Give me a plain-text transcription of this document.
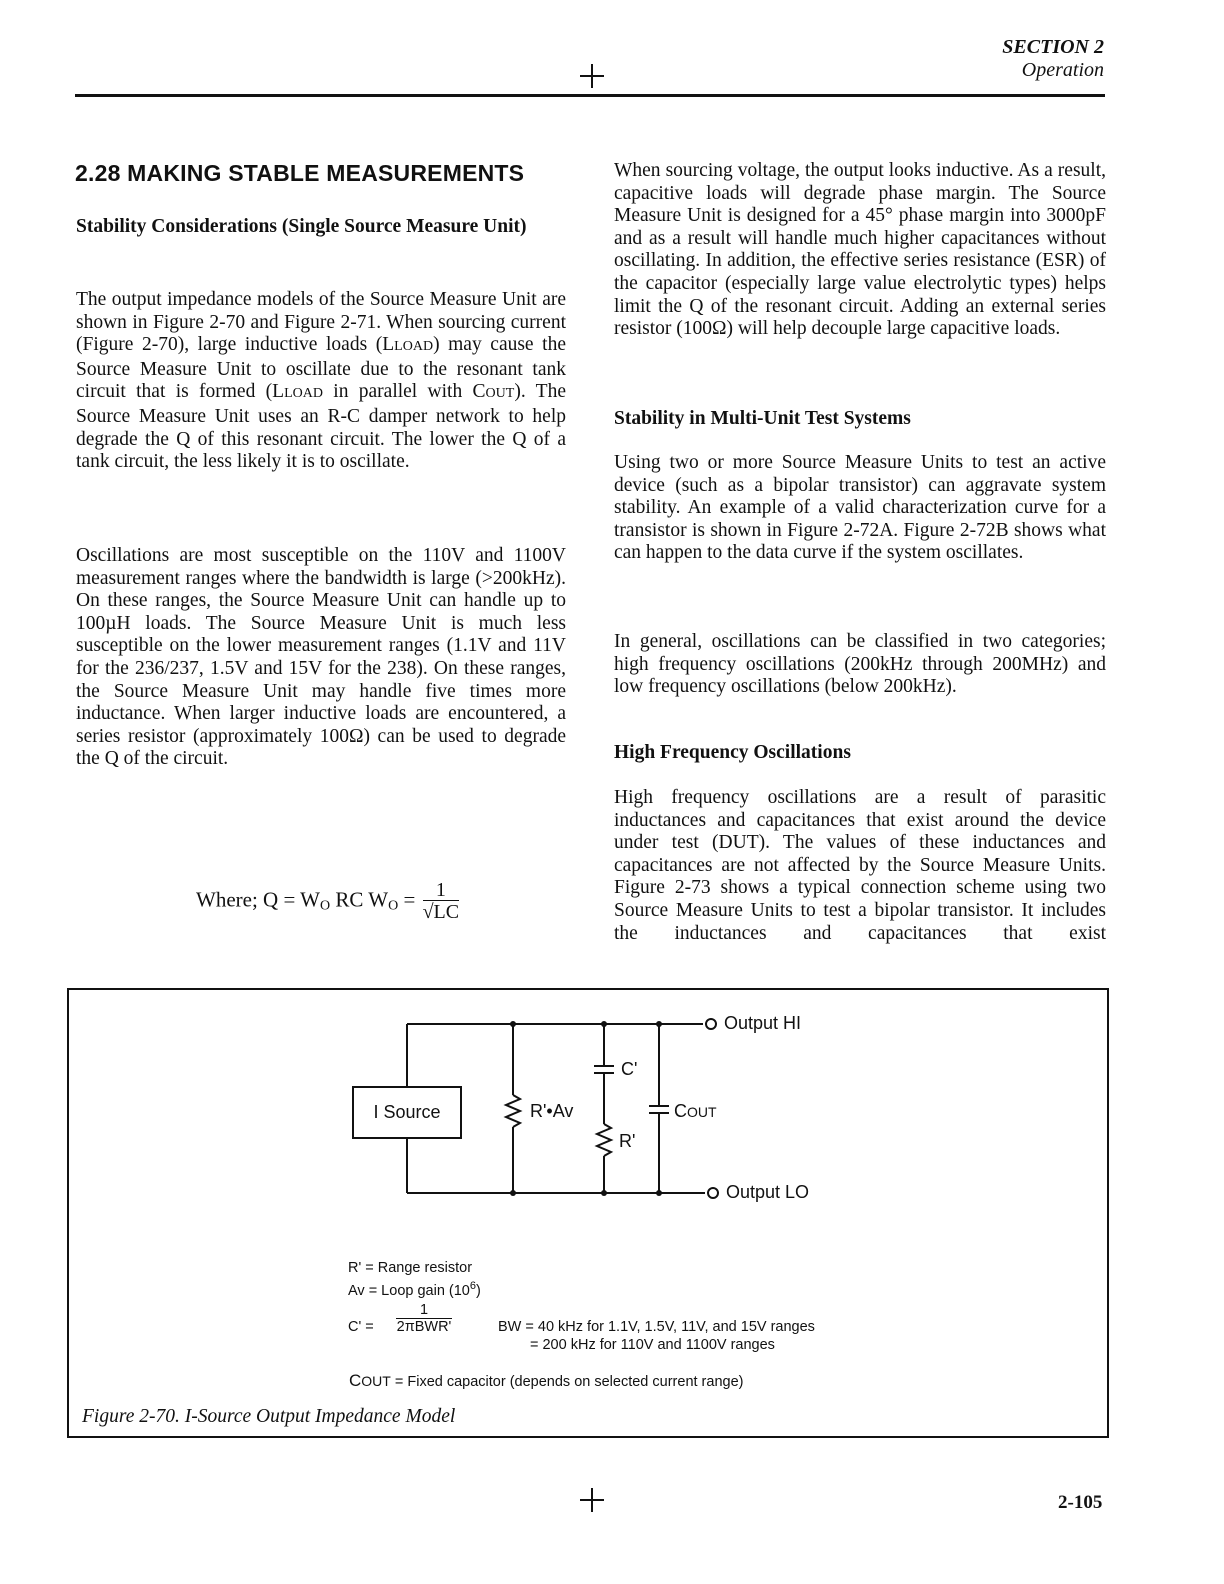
SECTION 2
Operation
2.28 MAKING STABLE MEASUREMENTS
Stability Considerations (Single Source Measure Unit)

The output impedance models of the Source Measure Unit are shown in Figure 2-70 and Figure 2-71. When sourcing current (Figure 2-70), large inductive loads (LLOAD) may cause the Source Measure Unit to oscillate due to the resonant tank circuit that is formed (LLOAD in parallel with COUT). The Source Measure Unit uses an R-C damper network to help degrade the Q of this resonant circuit. The lower the Q of a tank circuit, the less likely it is to oscillate.

Oscillations are most susceptible on the 110V and 1100V measurement ranges where the bandwidth is large (>200kHz). On these ranges, the Source Measure Unit can handle up to 100µH loads. The Source Measure Unit is much less susceptible on the lower measurement ranges (1.1V and 11V for the 236/237, 1.5V and 15V for the 238). On these ranges, the Source Measure Unit may handle five times more inductance. When larger inductive loads are encountered, a series resistor (approximately 100Ω) can be used to degrade the Q of the circuit.

Where; Q = WO RC WO = $\frac{1}{√LC}$

When sourcing voltage, the output looks inductive. As a result, capacitive loads will degrade phase margin. The Source Measure Unit is designed for a 45° phase margin into 3000pF and as a result will handle much higher capacitances without oscillating. In addition, the effective series resistance (ESR) of the capacitor (especially large value electrolytic types) helps limit the Q of the resonant circuit. Adding an external series resistor (100Ω) will help decouple large capacitive loads.

Stability in Multi-Unit Test Systems

Using two or more Source Measure Units to test an active device (such as a bipolar transistor) can aggravate system stability. An example of a valid characterization curve for a transistor is shown in Figure 2-72A. Figure 2-72B shows what can happen to the data curve if the system oscillates.

In general, oscillations can be classified in two categories; high frequency oscillations (200kHz through 200MHz) and low frequency oscillations (below 200kHz).

High Frequency Oscillations

High frequency oscillations are a result of parasitic inductances and capacitances that exist around the device under test (DUT). The values of these inductances and capacitances are not affected by the Source Measure Units. Figure 2-73 shows a typical connection scheme using two Source Measure Units to test a bipolar transistor. It includes the inductances and capacitances that exist

Output HI
Output LO
I Source	R'•Av
C'
R'
COUT
R' = Range resistor
Av = Loop gain $(10^6)$
C' =
1
2πBWR'	BW = 40 kHz for 1.1V, 1.5V, 11V, and 15V ranges
= 200 kHz for 110V and 1100V ranges
COUT = Fixed capacitor (depends on selected current range)
Figure 2-70. I-Source Output Impedance Model
2-105
